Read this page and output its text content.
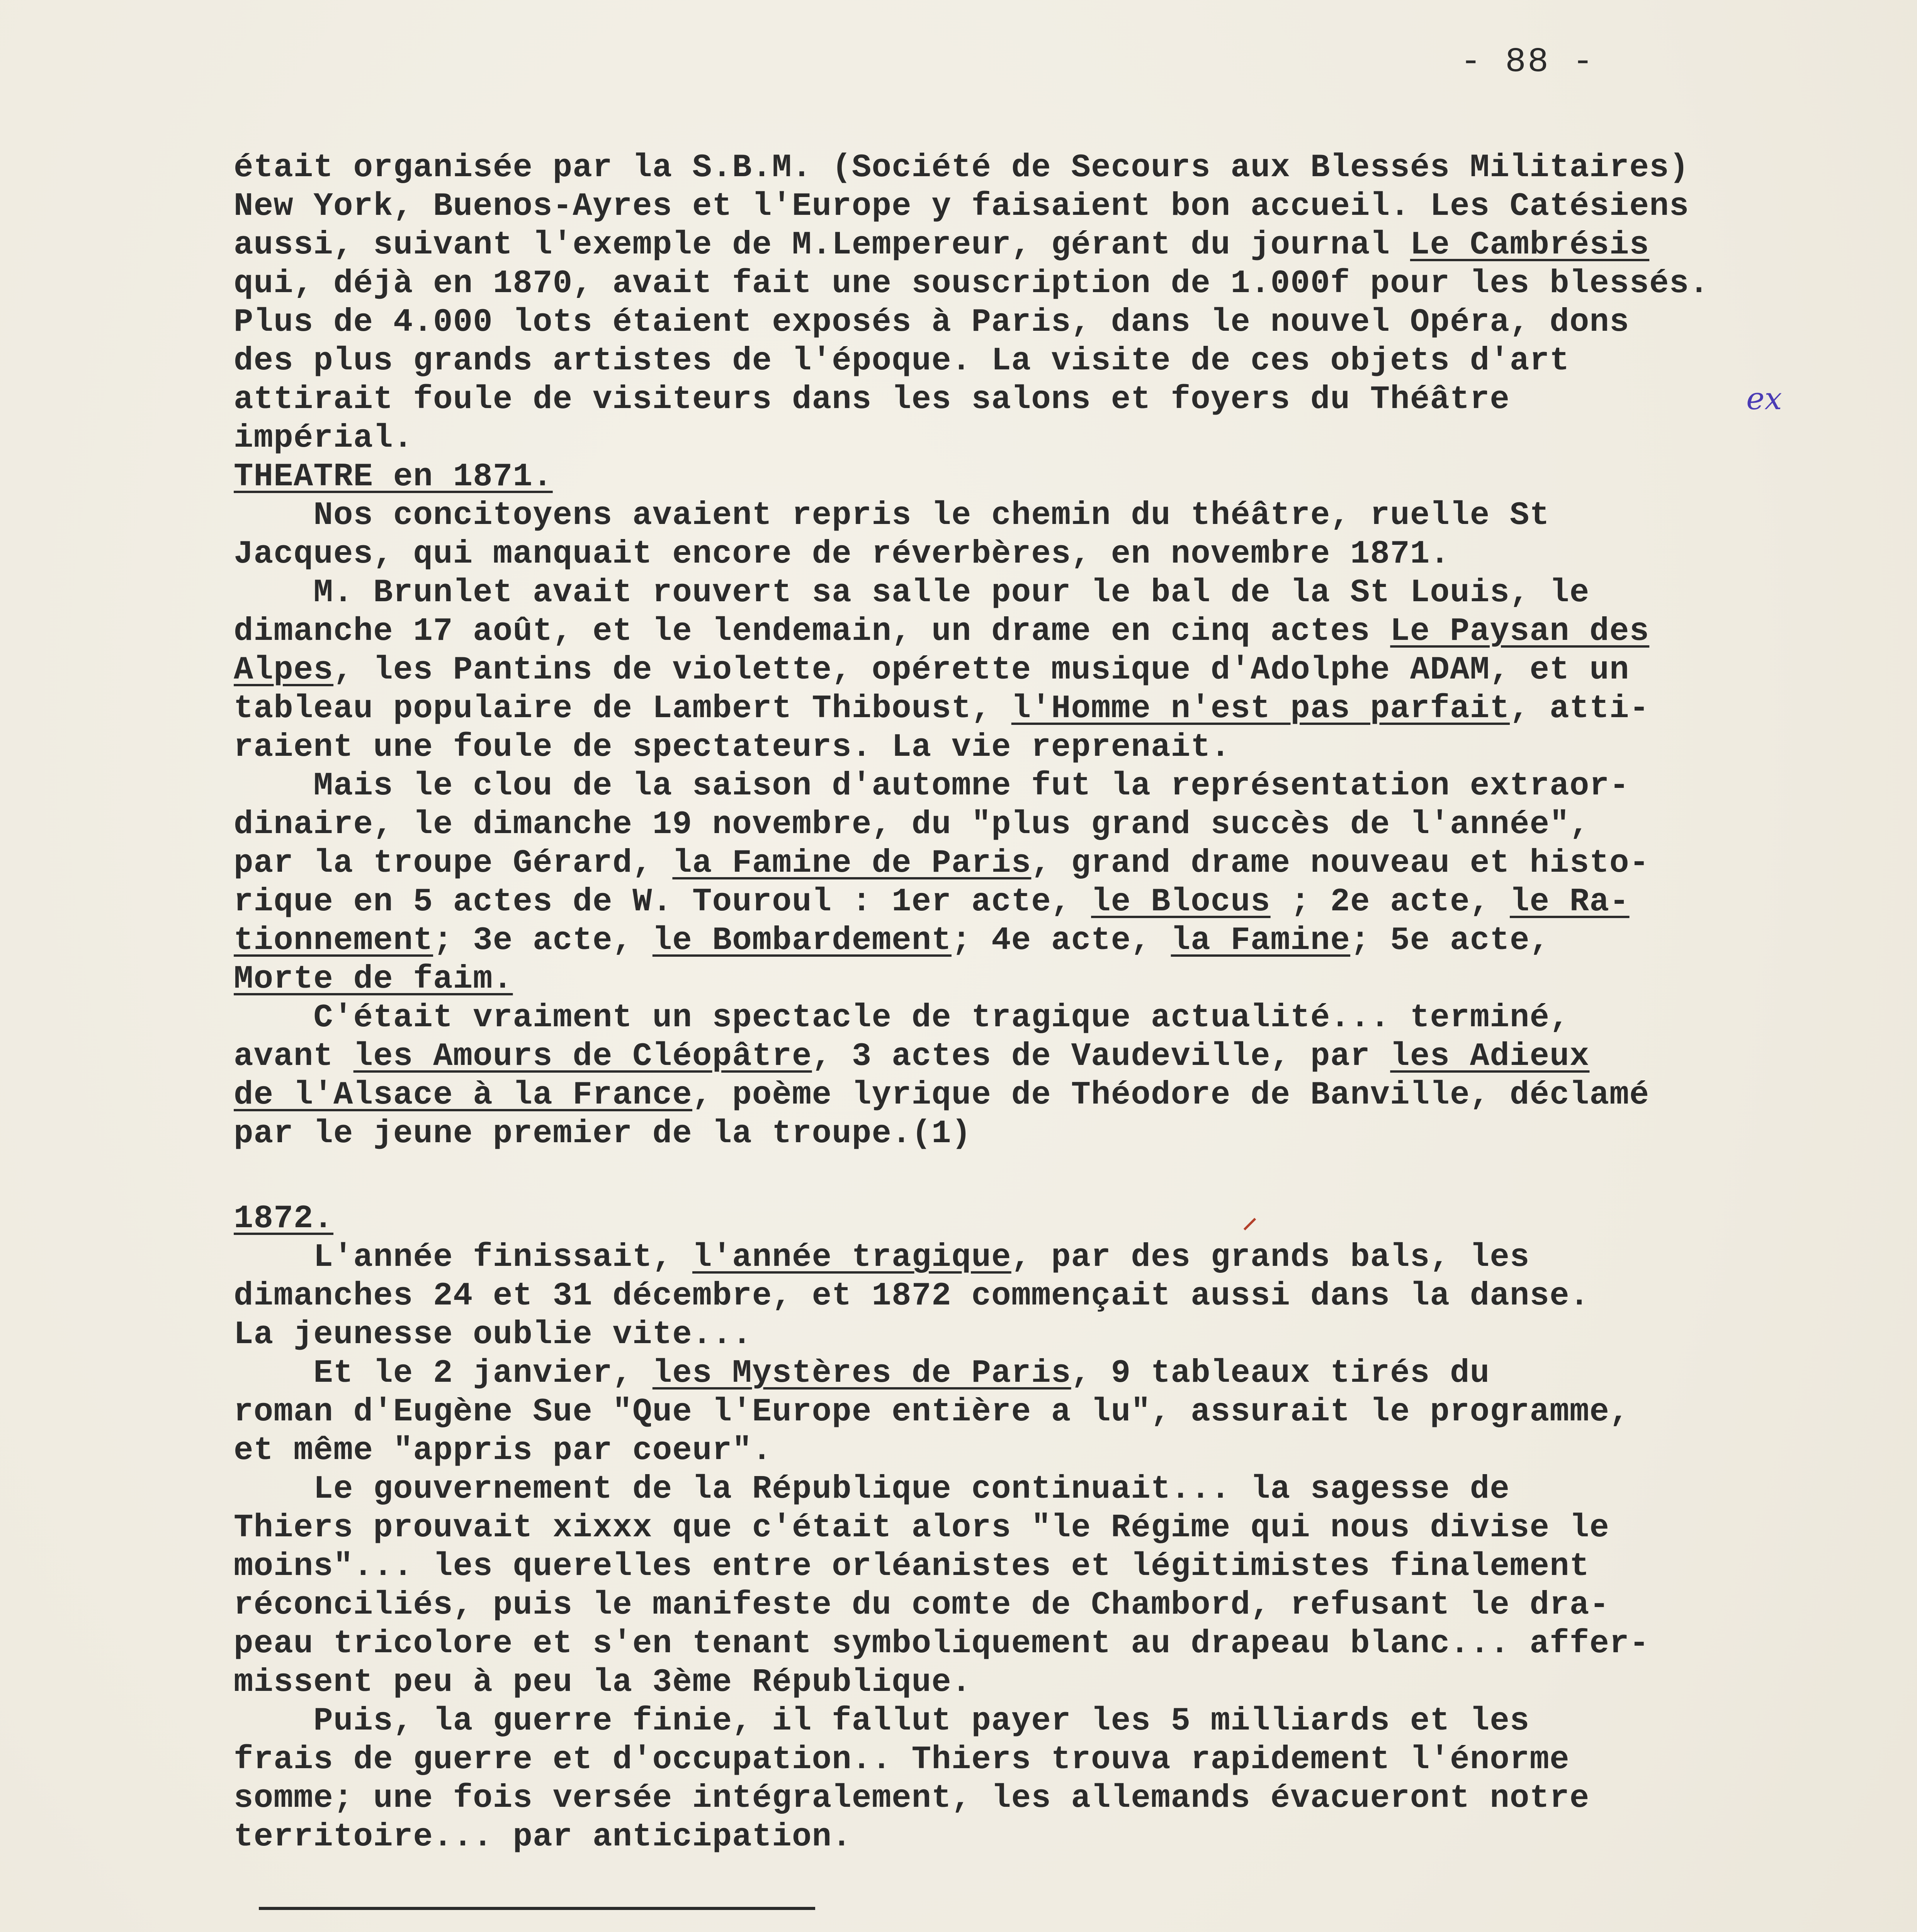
- 88 -
ex
était organisée par la S.B.M. (Société de Secours aux Blessés Militaires)
New York, Buenos-Ayres et l'Europe y faisaient bon accueil. Les Catésiens
aussi, suivant l'exemple de M.Lempereur, gérant du journal Le Cambrésis
qui, déjà en 1870, avait fait une souscription de 1.000f pour les blessés.
Plus de 4.000 lots étaient exposés à Paris, dans le nouvel Opéra, dons
des plus grands artistes de l'époque. La visite de ces objets d'art
attirait foule de visiteurs dans les salons et foyers du Théâtre
impérial.
THEATRE en 1871.
Nos concitoyens avaient repris le chemin du théâtre, ruelle St
Jacques, qui manquait encore de réverbères, en novembre 1871.
M. Brunlet avait rouvert sa salle pour le bal de la St Louis, le
dimanche 17 août, et le lendemain, un drame en cinq actes Le Paysan des
Alpes, les Pantins de violette, opérette musique d'Adolphe ADAM, et un
tableau populaire de Lambert Thiboust, l'Homme n'est pas parfait, atti-
raient une foule de spectateurs. La vie reprenait.
Mais le clou de la saison d'automne fut la représentation extraor-
dinaire, le dimanche 19 novembre, du "plus grand succès de l'année",
par la troupe Gérard, la Famine de Paris, grand drame nouveau et histo-
rique en 5 actes de W. Touroul : 1er acte, le Blocus ; 2e acte, le Ra-
tionnement; 3e acte, le Bombardement; 4e acte, la Famine; 5e acte,
Morte de faim.
C'était vraiment un spectacle de tragique actualité... terminé,
avant les Amours de Cléopâtre, 3 actes de Vaudeville, par les Adieux
de l'Alsace à la France, poème lyrique de Théodore de Banville, déclamé
par le jeune premier de la troupe.(1)
1872.
L'année finissait, l'année tragique, par des grands bals, les
dimanches 24 et 31 décembre, et 1872 commençait aussi dans la danse.
La jeunesse oublie vite...
Et le 2 janvier, les Mystères de Paris, 9 tableaux tirés du
roman d'Eugène Sue "Que l'Europe entière a lu", assurait le programme,
et même "appris par coeur".
Le gouvernement de la République continuait... la sagesse de
Thiers prouvait xixxx que c'était alors "le Régime qui nous divise le
moins"... les querelles entre orléanistes et légitimistes finalement
réconciliés, puis le manifeste du comte de Chambord, refusant le dra-
peau tricolore et s'en tenant symboliquement au drapeau blanc... affer-
missent peu à peu la 3ème République.
Puis, la guerre finie, il fallut payer les 5 milliards et les
frais de guerre et d'occupation.. Thiers trouva rapidement l'énorme
somme; une fois versée intégralement, les allemands évacueront notre
territoire... par anticipation.
